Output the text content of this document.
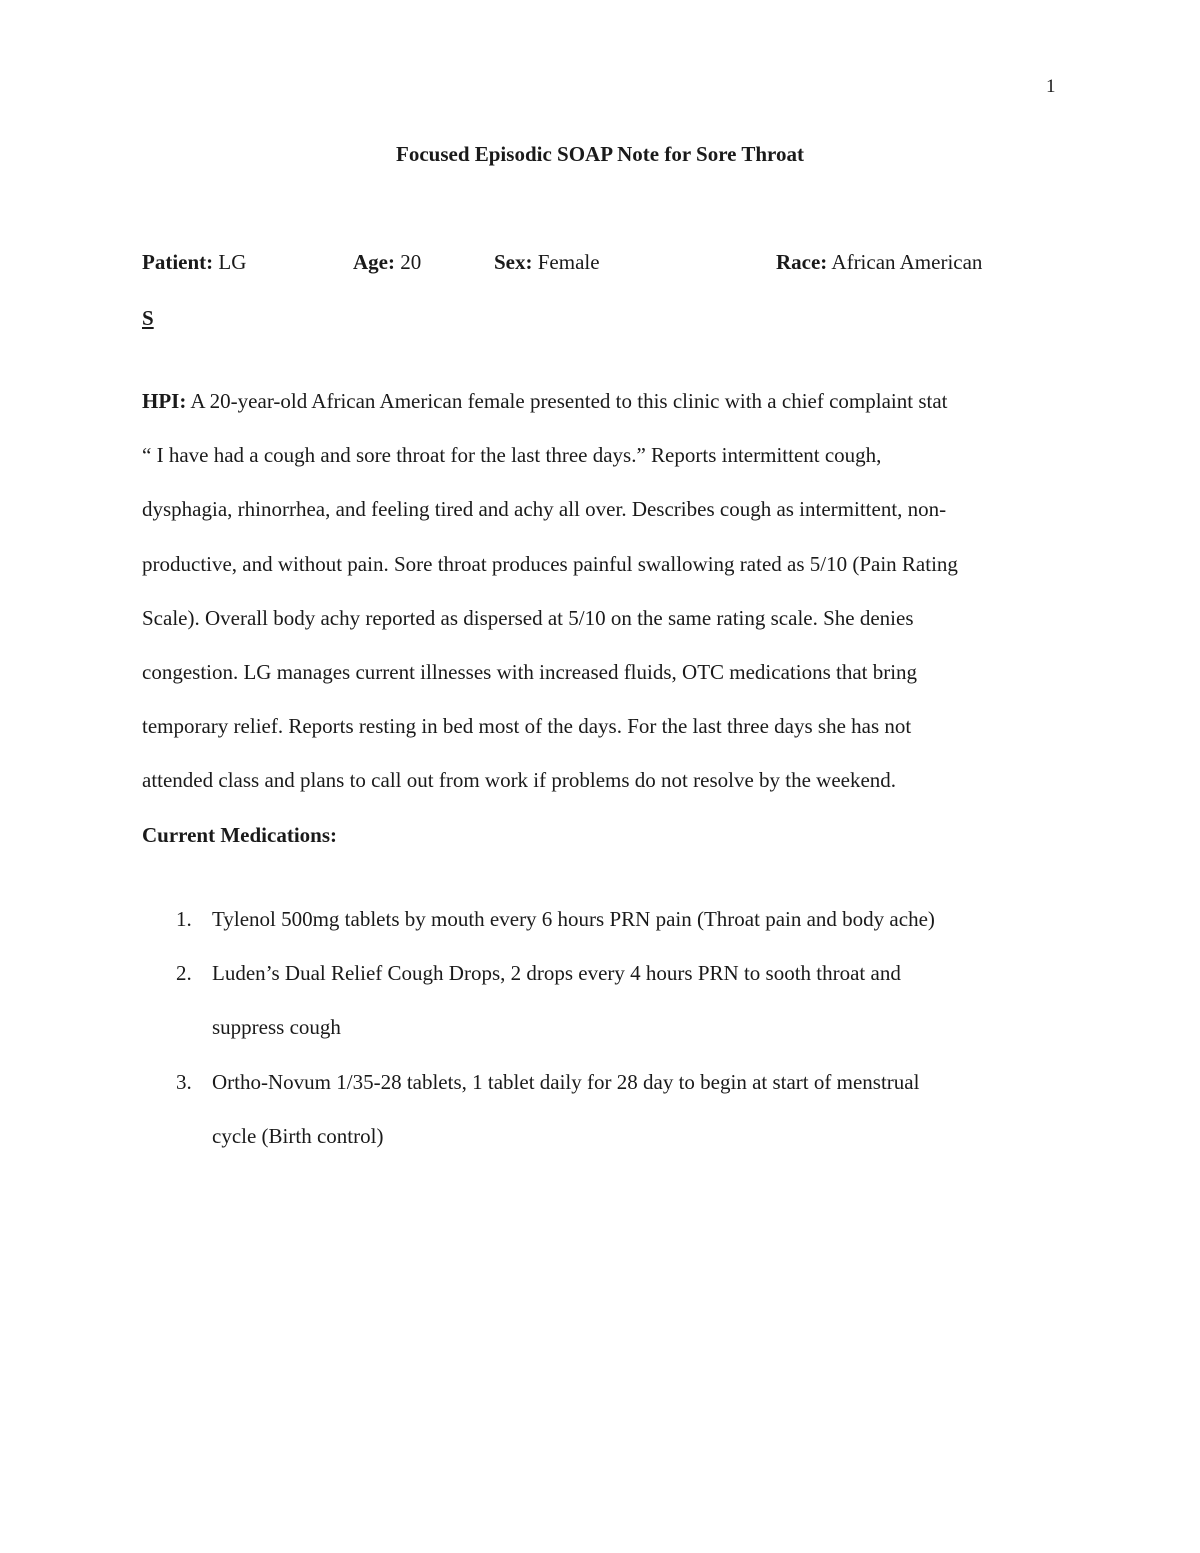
1
Focused Episodic SOAP Note for Sore Throat
Patient: LG	Age: 20	Sex: Female	Race: African American
S
HPI: A 20-year-old African American female presented to this clinic with a chief complaint stat
“ I have had a cough and sore throat for the last three days.” Reports intermittent cough,
dysphagia, rhinorrhea, and feeling tired and achy all over. Describes cough as intermittent, non-
productive, and without pain. Sore throat produces painful swallowing rated as 5/10 (Pain Rating
Scale). Overall body achy reported as dispersed at 5/10 on the same rating scale. She denies
congestion. LG manages current illnesses with increased fluids, OTC medications that bring
temporary relief. Reports resting in bed most of the days. For the last three days she has not
attended class and plans to call out from work if problems do not resolve by the weekend.
Current Medications:
1. Tylenol 500mg tablets by mouth every 6 hours PRN pain (Throat pain and body ache)
2. Luden’s Dual Relief Cough Drops, 2 drops every 4 hours PRN to sooth throat and
suppress cough
3. Ortho-Novum 1/35-28 tablets, 1 tablet daily for 28 day to begin at start of menstrual
cycle (Birth control)
